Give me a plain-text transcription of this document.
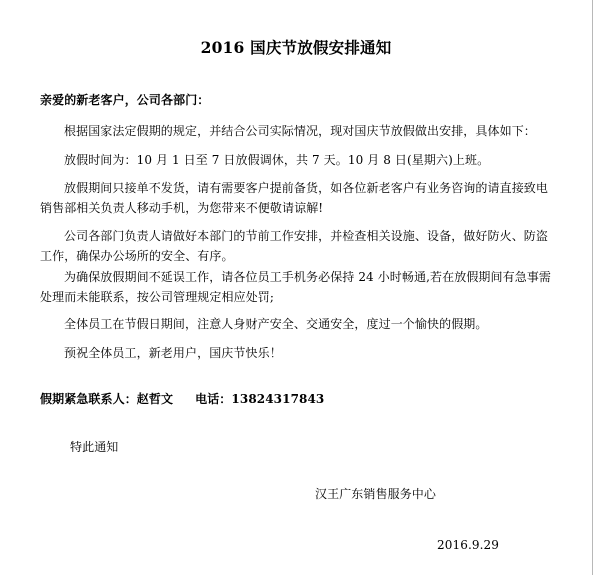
2016 国庆节放假安排通知
亲爱的新老客户，公司各部门：
根据国家法定假期的规定，并结合公司实际情况，现对国庆节放假做出安排，具体如下：
放假时间为：10 月 1 日至 7 日放假调休，共 7 天。10 月 8 日(星期六)上班。
放假期间只接单不发货，请有需要客户提前备货，如各位新老客户有业务咨询的请直接致电销售部相关负责人移动手机，为您带来不便敬请谅解!
公司各部门负责人请做好本部门的节前工作安排，并检查相关设施、设备，做好防火、防盗工作，确保办公场所的安全、有序。
为确保放假期间不延误工作，请各位员工手机务必保持 24 小时畅通,若在放假期间有急事需处理而未能联系，按公司管理规定相应处罚;
全体员工在节假日期间，注意人身财产安全、交通安全，度过一个愉快的假期。
预祝全体员工，新老用户，国庆节快乐！
假期紧急联系人：赵哲文 电话：13824317843
特此通知
汉王广东销售服务中心
2016.9.29
